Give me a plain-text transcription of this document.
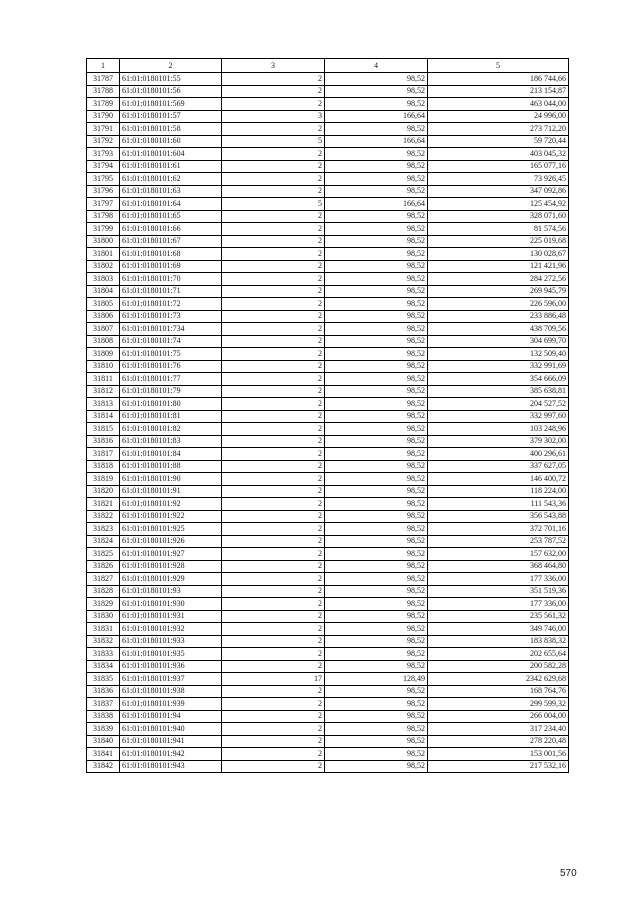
1	2	3	4	5
31787	61:01:0180101:55	2	98,52	186 744,66
31788	61:01:0180101:56	2	98,52	213 154,87
31789	61:01:0180101:569	2	98,52	463 044,00
31790	61:01:0180101:57	3	166,64	24 996,00
31791	61:01:0180101:58	2	98,52	273 712,20
31792	61:01:0180101:60	5	166,64	59 720,44
31793	61:01:0180101:604	2	98,52	403 045,32
31794	61:01:0180101:61	2	98,52	165 077,16
31795	61:01:0180101:62	2	98,52	73 926,45
31796	61:01:0180101:63	2	98,52	347 092,86
31797	61:01:0180101:64	5	166,64	125 454,92
31798	61:01:0180101:65	2	98,52	328 071,60
31799	61:01:0180101:66	2	98,52	81 574,56
31800	61:01:0180101:67	2	98,52	225 019,68
31801	61:01:0180101:68	2	98,52	130 028,67
31802	61:01:0180101:69	2	98,52	121 421,96
31803	61:01:0180101:70	2	98,52	284 272,56
31804	61:01:0180101:71	2	98,52	269 945,79
31805	61:01:0180101:72	2	98,52	226 596,00
31806	61:01:0180101:73	2	98,52	233 886,48
31807	61:01:0180101:734	2	98,52	438 709,56
31808	61:01:0180101:74	2	98,52	304 699,70
31809	61:01:0180101:75	2	98,52	132 509,40
31810	61:01:0180101:76	2	98,52	332 991,69
31811	61:01:0180101:77	2	98,52	354 666,09
31812	61:01:0180101:79	2	98,52	385 638,81
31813	61:01:0180101:80	2	98,52	204 527,52
31814	61:01:0180101:81	2	98,52	332 997,60
31815	61:01:0180101:82	2	98,52	103 248,96
31816	61:01:0180101:83	2	98,52	379 302,00
31817	61:01:0180101:84	2	98,52	400 296,61
31818	61:01:0180101:88	2	98,52	337 627,05
31819	61:01:0180101:90	2	98,52	146 400,72
31820	61:01:0180101:91	2	98,52	118 224,00
31821	61:01:0180101:92	2	98,52	111 543,36
31822	61:01:0180101:922	2	98,52	356 543,88
31823	61:01:0180101:925	2	98,52	372 701,16
31824	61:01:0180101:926	2	98,52	253 787,52
31825	61:01:0180101:927	2	98,52	157 632,00
31826	61:01:0180101:928	2	98,52	368 464,80
31827	61:01:0180101:929	2	98,52	177 336,00
31828	61:01:0180101:93	2	98,52	351 519,36
31829	61:01:0180101:930	2	98,52	177 336,00
31830	61:01:0180101:931	2	98,52	235 561,32
31831	61:01:0180101:932	2	98,52	349 746,00
31832	61:01:0180101:933	2	98,52	183 838,32
31833	61:01:0180101:935	2	98,52	202 655,64
31834	61:01:0180101:936	2	98,52	200 582,28
31835	61:01:0180101:937	17	128,49	2342 629,68
31836	61:01:0180101:938	2	98,52	168 764,76
31837	61:01:0180101:939	2	98,52	299 599,32
31838	61:01:0180101:94	2	98,52	266 004,00
31839	61:01:0180101:940	2	98,52	317 234,40
31840	61:01:0180101:941	2	98,52	278 220,48
31841	61:01:0180101:942	2	98,52	153 001,56
31842	61:01:0180101:943	2	98,52	217 532,16
570
